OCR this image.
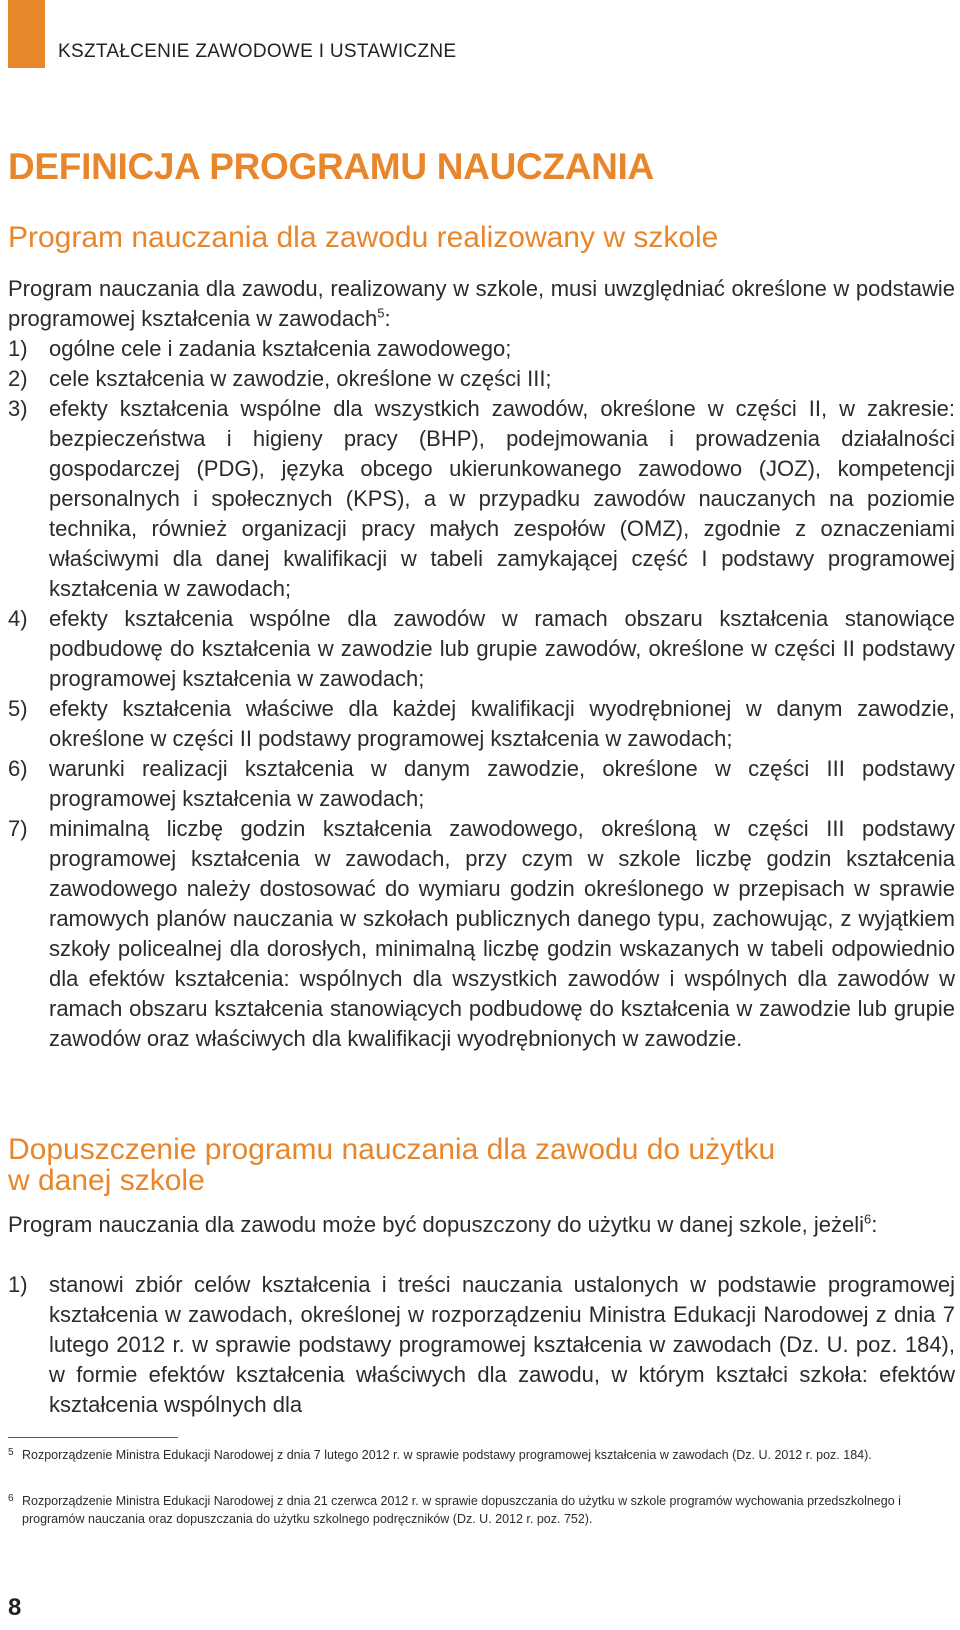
KSZTAŁCENIE ZAWODOWE I USTAWICZNE
DEFINICJA PROGRAMU NAUCZANIA
Program nauczania dla zawodu realizowany w szkole

Program nauczania dla zawodu, realizowany w szkole, musi uwzględniać określone w podstawie programowej kształcenia w zawodach$^5$:

1) ogólne cele i zadania kształcenia zawodowego;
2) cele kształcenia w zawodzie, określone w części III;
3) efekty kształcenia wspólne dla wszystkich zawodów, określone w części II, w zakresie: bezpieczeństwa i higieny pracy (BHP), podejmowania i prowadzenia działalności gospodarczej (PDG), języka obcego ukierunkowanego zawodowo (JOZ), kompetencji personalnych i społecznych (KPS), a w przypadku zawodów nauczanych na poziomie technika, również organizacji pracy małych zespołów (OMZ), zgodnie z oznaczeniami właściwymi dla danej kwalifikacji w tabeli zamykającej część I podstawy programowej kształcenia w zawodach;
4) efekty kształcenia wspólne dla zawodów w ramach obszaru kształcenia stanowiące podbudowę do kształcenia w zawodzie lub grupie zawodów, określone w części II podstawy programowej kształcenia w zawodach;
5) efekty kształcenia właściwe dla każdej kwalifikacji wyodrębnionej w danym zawodzie, określone w części II podstawy programowej kształcenia w zawodach;
6) warunki realizacji kształcenia w danym zawodzie, określone w części III podstawy programowej kształcenia w zawodach;
7) minimalną liczbę godzin kształcenia zawodowego, określoną w części III podstawy programowej kształcenia w zawodach, przy czym w szkole liczbę godzin kształcenia zawodowego należy dostosować do wymiaru godzin określonego w przepisach w sprawie ramowych planów nauczania w szkołach publicznych danego typu, zachowując, z wyjątkiem szkoły policealnej dla dorosłych, minimalną liczbę godzin wskazanych w tabeli odpowiednio dla efektów kształcenia: wspólnych dla wszystkich zawodów i wspólnych dla zawodów w ramach obszaru kształcenia stanowiących podbudowę do kształcenia w zawodzie lub grupie zawodów oraz właściwych dla kwalifikacji wyodrębnionych w zawodzie.
Dopuszczenie programu nauczania dla zawodu do użytku
w danej szkole

Program nauczania dla zawodu może być dopuszczony do użytku w danej szkole, jeżeli$^6$:

1) stanowi zbiór celów kształcenia i treści nauczania ustalonych w podstawie programowej kształcenia w zawodach, określonej w rozporządzeniu Ministra Edukacji Narodowej z dnia 7 lutego 2012 r. w sprawie podstawy programowej kształcenia w zawodach (Dz. U. poz. 184), w formie efektów kształcenia właściwych dla zawodu, w którym kształci szkoła: efektów kształcenia wspólnych dla
5 Rozporządzenie Ministra Edukacji Narodowej z dnia 7 lutego 2012 r. w sprawie podstawy programowej kształcenia w zawodach (Dz. U. 2012 r. poz. 184).
6 Rozporządzenie Ministra Edukacji Narodowej z dnia 21 czerwca 2012 r. w sprawie dopuszczania do użytku w szkole programów wychowania przedszkolnego i programów nauczania oraz dopuszczania do użytku szkolnego podręczników (Dz. U. 2012 r. poz. 752).
8
